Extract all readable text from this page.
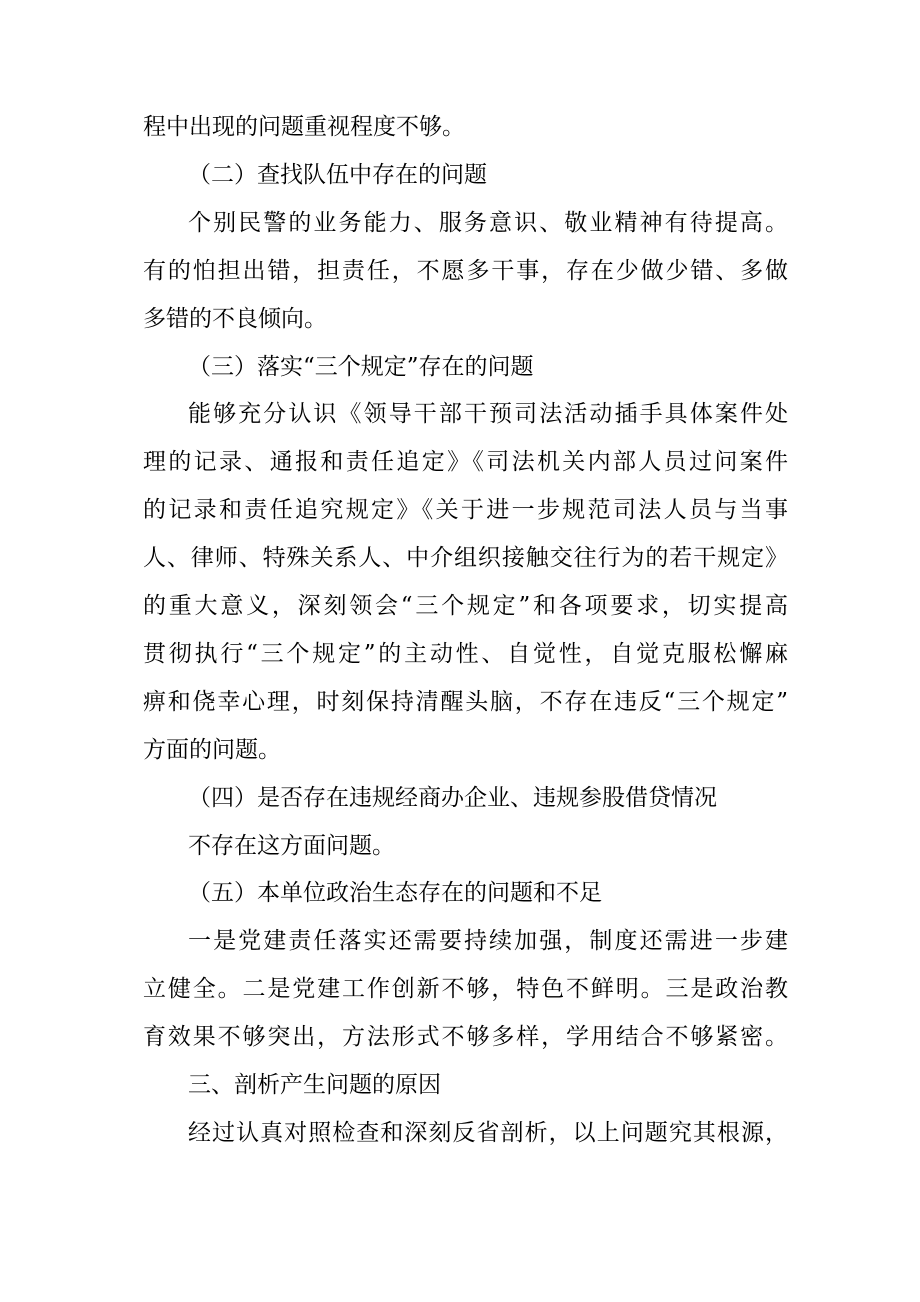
程中出现的问题重视程度不够。
（二）查找队伍中存在的问题
个别民警的业务能力、服务意识、敬业精神有待提高。
有的怕担出错，担责任，不愿多干事，存在少做少错、多做
多错的不良倾向。
（三）落实“三个规定”存在的问题
能够充分认识《领导干部干预司法活动插手具体案件处
理的记录、通报和责任追定》《司法机关内部人员过问案件
的记录和责任追究规定》《关于进一步规范司法人员与当事
人、律师、特殊关系人、中介组织接触交往行为的若干规定》
的重大意义，深刻领会“三个规定”和各项要求，切实提高
贯彻执行“三个规定”的主动性、自觉性，自觉克服松懈麻
痹和侥幸心理，时刻保持清醒头脑，不存在违反“三个规定”
方面的问题。
（四）是否存在违规经商办企业、违规参股借贷情况
不存在这方面问题。
（五）本单位政治生态存在的问题和不足
一是党建责任落实还需要持续加强，制度还需进一步建
立健全。二是党建工作创新不够，特色不鲜明。三是政治教
育效果不够突出，方法形式不够多样，学用结合不够紧密。
三、剖析产生问题的原因
经过认真对照检查和深刻反省剖析，以上问题究其根源，
